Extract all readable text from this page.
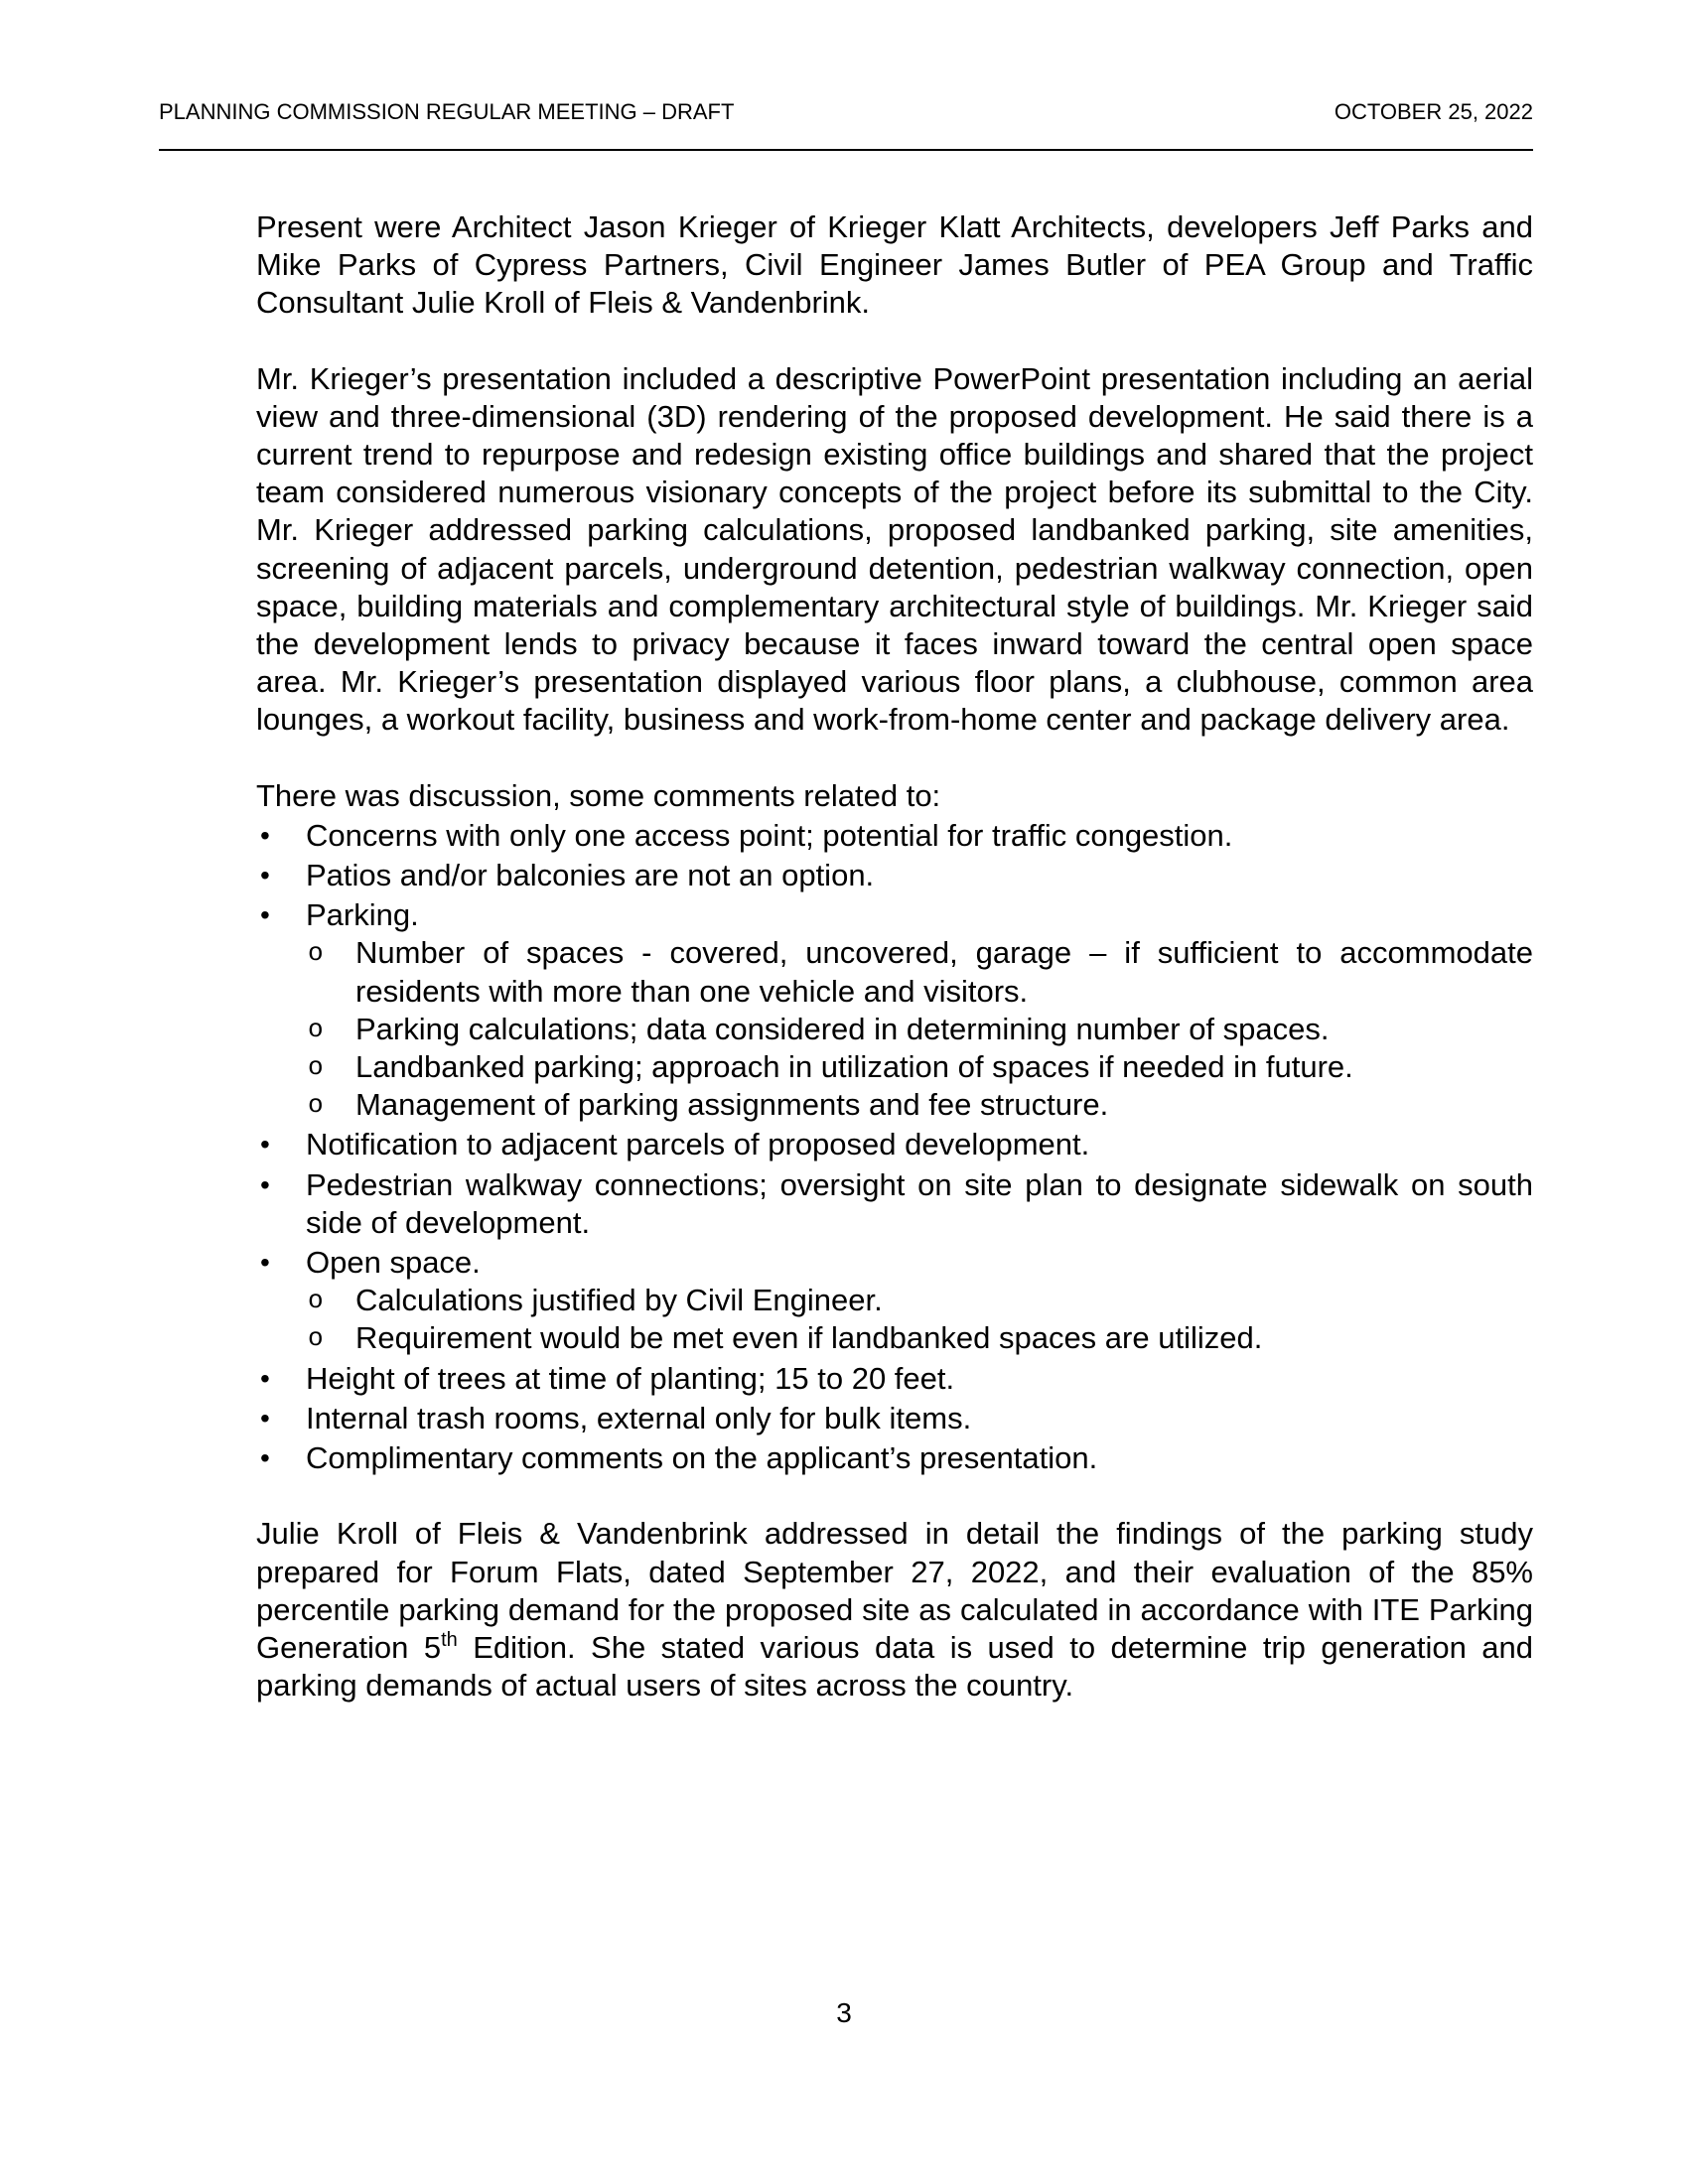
PLANNING COMMISSION REGULAR MEETING – DRAFT	OCTOBER 25, 2022

Present were Architect Jason Krieger of Krieger Klatt Architects, developers Jeff Parks and Mike Parks of Cypress Partners, Civil Engineer James Butler of PEA Group and Traffic Consultant Julie Kroll of Fleis & Vandenbrink.

Mr. Krieger’s presentation included a descriptive PowerPoint presentation including an aerial view and three-dimensional (3D) rendering of the proposed development. He said there is a current trend to repurpose and redesign existing office buildings and shared that the project team considered numerous visionary concepts of the project before its submittal to the City. Mr. Krieger addressed parking calculations, proposed landbanked parking, site amenities, screening of adjacent parcels, underground detention, pedestrian walkway connection, open space, building materials and complementary architectural style of buildings. Mr. Krieger said the development lends to privacy because it faces inward toward the central open space area. Mr. Krieger’s presentation displayed various floor plans, a clubhouse, common area lounges, a workout facility, business and work-from-home center and package delivery area.

There was discussion, some comments related to:

• Concerns with only one access point; potential for traffic congestion.
• Patios and/or balconies are not an option.
• Parking.
o Number of spaces - covered, uncovered, garage – if sufficient to accommodate residents with more than one vehicle and visitors.
o Parking calculations; data considered in determining number of spaces.
o Landbanked parking; approach in utilization of spaces if needed in future.
o Management of parking assignments and fee structure.
• Notification to adjacent parcels of proposed development.
• Pedestrian walkway connections; oversight on site plan to designate sidewalk on south side of development.
• Open space.
o Calculations justified by Civil Engineer.
o Requirement would be met even if landbanked spaces are utilized.
• Height of trees at time of planting; 15 to 20 feet.
• Internal trash rooms, external only for bulk items.
• Complimentary comments on the applicant’s presentation.

Julie Kroll of Fleis & Vandenbrink addressed in detail the findings of the parking study prepared for Forum Flats, dated September 27, 2022, and their evaluation of the 85% percentile parking demand for the proposed site as calculated in accordance with ITE Parking Generation 5th Edition. She stated various data is used to determine trip generation and parking demands of actual users of sites across the country.

3
